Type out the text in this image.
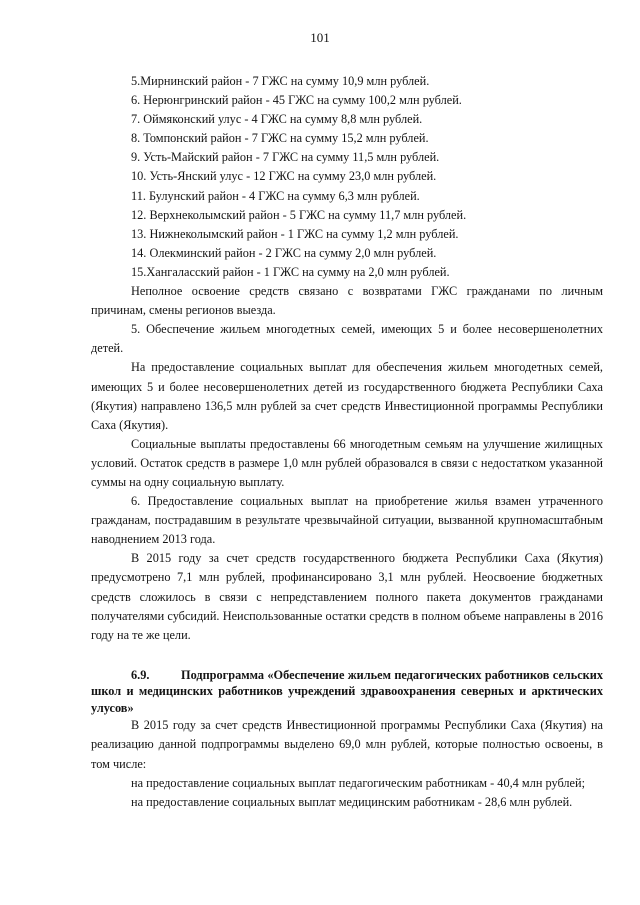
101

5.Мирнинский район - 7 ГЖС на сумму 10,9 млн рублей.

6. Нерюнгринский район - 45 ГЖС на сумму 100,2 млн рублей.

7. Оймяконский улус - 4 ГЖС на сумму 8,8 млн рублей.

8. Томпонский район - 7 ГЖС на сумму 15,2 млн рублей.

9. Усть-Майский район - 7 ГЖС на сумму 11,5 млн рублей.

10. Усть-Янский улус - 12 ГЖС на сумму 23,0 млн рублей.

11. Булунский район - 4 ГЖС на сумму 6,3 млн рублей.

12. Верхнеколымский район - 5 ГЖС на сумму 11,7 млн рублей.

13. Нижнеколымский район - 1 ГЖС на сумму 1,2 млн рублей.

14. Олекминский район - 2 ГЖС на сумму 2,0 млн рублей.

15.Хангаласский район - 1 ГЖС на сумму на 2,0 млн рублей.

Неполное освоение средств связано с возвратами ГЖС гражданами по личным причинам, смены регионов выезда.

5. Обеспечение жильем многодетных семей, имеющих 5 и более несовершенолетних детей.

На предоставление социальных выплат для обеспечения жильем многодетных семей, имеющих 5 и более несовершенолетних детей из государственного бюджета Республики Саха (Якутия) направлено 136,5 млн рублей за счет средств Инвестиционной программы Республики Саха (Якутия).

Социальные выплаты предоставлены 66 многодетным семьям на улучшение жилищных условий. Остаток средств в размере 1,0 млн рублей образовался в связи с недостатком указанной суммы на одну социальную выплату.

6. Предоставление социальных выплат на приобретение жилья взамен утраченного гражданам, пострадавшим в результате чрезвычайной ситуации, вызванной крупномасштабным наводнением 2013 года.

В 2015 году за счет средств государственного бюджета Республики Саха (Якутия) предусмотрено 7,1 млн рублей, профинансировано 3,1 млн рублей. Неосвоение бюджетных средств сложилось в связи с непредставлением полного пакета документов гражданами получателями субсидий. Неиспользованные остатки средств в полном объеме направлены в 2016 году на те же цели.

6.9.	Подпрограмма «Обеспечение жильем педагогических работников сельских школ и медицинских работников учреждений здравоохранения северных и арктических улусов»

В 2015 году за счет средств Инвестиционной программы Республики Саха (Якутия) на реализацию данной подпрограммы выделено 69,0 млн рублей, которые полностью освоены, в том числе:

на предоставление социальных выплат педагогическим работникам - 40,4 млн рублей;

на предоставление социальных выплат медицинским работникам - 28,6 млн рублей.
